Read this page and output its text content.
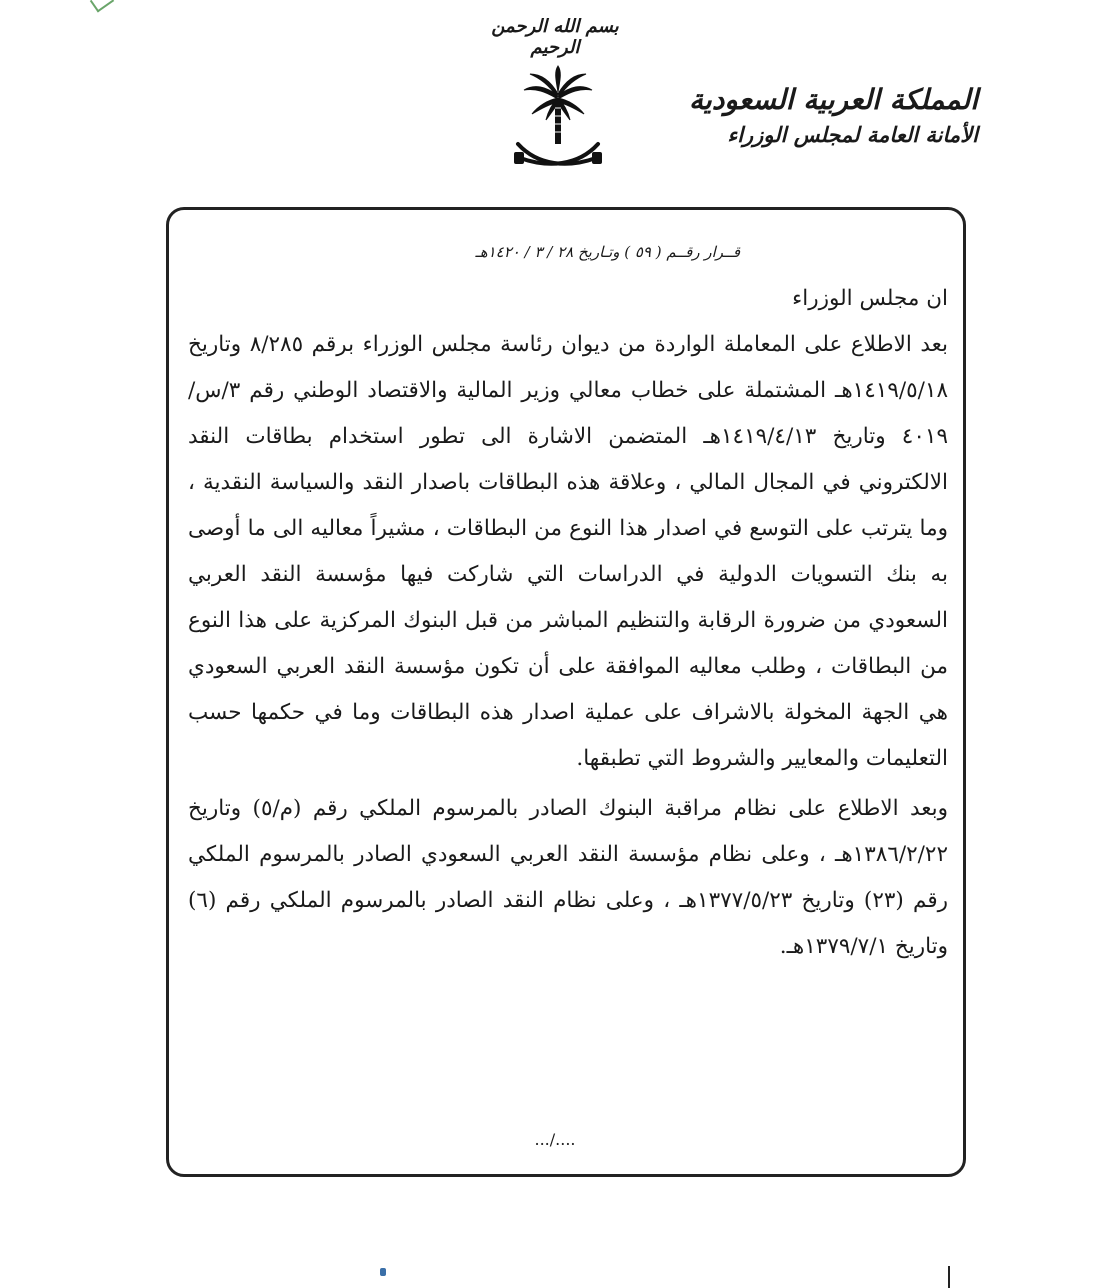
بسم الله الرحمن الرحيم
المملكة العربية السعودية
الأمانة العامة لمجلس الوزراء
قــرار رقــم ( ٥٩ ) وتـاريخ ٢٨ / ٣ / ١٤٢٠هـ

ان مجلس الوزراء

بعد الاطلاع على المعاملة الواردة من ديوان رئاسة مجلس الوزراء برقم ٨/٢٨٥ وتاريخ ١٤١٩/٥/١٨هـ المشتملة على خطاب معالي وزير المالية والاقتصاد الوطني رقم ٣/س/٤٠١٩ وتاريخ ١٤١٩/٤/١٣هـ المتضمن الاشارة الى تطور استخدام بطاقات النقد الالكتروني في المجال المالي ، وعلاقة هذه البطاقات باصدار النقد والسياسة النقدية ، وما يترتب على التوسع في اصدار هذا النوع من البطاقات ، مشيراً معاليه الى ما أوصى به بنك التسويات الدولية في الدراسات التي شاركت فيها مؤسسة النقد العربي السعودي من ضرورة الرقابة والتنظيم المباشر من قبل البنوك المركزية على هذا النوع من البطاقات ، وطلب معاليه الموافقة على أن تكون مؤسسة النقد العربي السعودي هي الجهة المخولة بالاشراف على عملية اصدار هذه البطاقات وما في حكمها حسب التعليمات والمعايير والشروط التي تطبقها.

وبعد الاطلاع على نظام مراقبة البنوك الصادر بالمرسوم الملكي رقم (م/٥) وتاريخ ١٣٨٦/٢/٢٢هـ ، وعلى نظام مؤسسة النقد العربي السعودي الصادر بالمرسوم الملكي رقم (٢٣) وتاريخ ١٣٧٧/٥/٢٣هـ ، وعلى نظام النقد الصادر بالمرسوم الملكي رقم (٦) وتاريخ ١٣٧٩/٧/١هـ.

..../...
